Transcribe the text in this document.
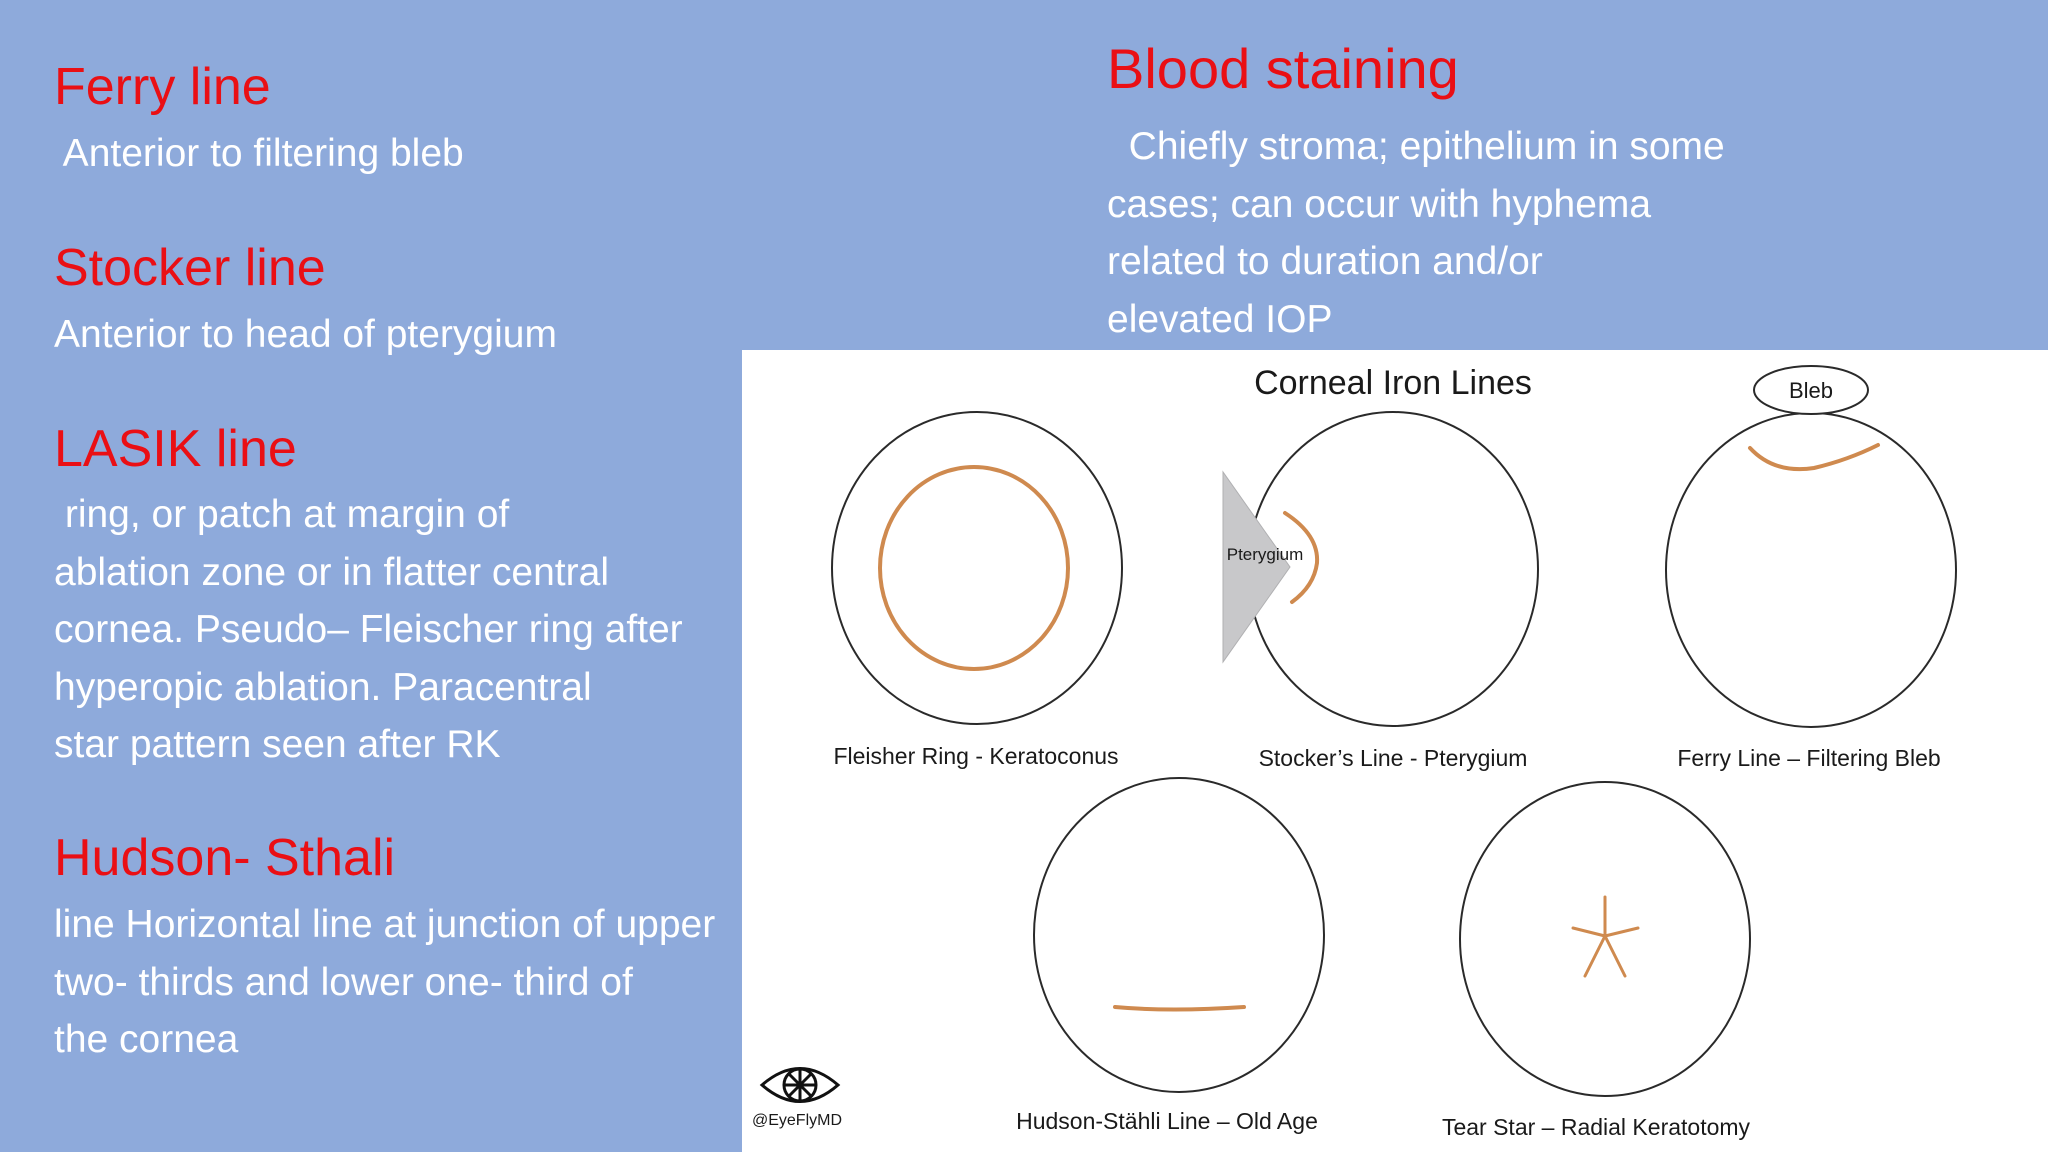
Ferry line
Anterior to filtering bleb
Stocker line
Anterior to head of pterygium
LASIK line
ring, or patch at margin of
ablation zone or in flatter central
cornea. Pseudo– Fleischer ring after
hyperopic ablation. Paracentral
star pattern seen after RK
Hudson- Sthali
line Horizontal line at junction of upper
two- thirds and lower one- third of
the cornea
Blood staining
Chiefly stroma; epithelium in some
cases; can occur with hyphema
related to duration and/or
elevated IOP
Corneal Iron Lines
Fleisher Ring - Keratoconus
Pterygium
Stocker’s Line - Pterygium
Bleb
Ferry Line – Filtering Bleb
Hudson-Stähli Line – Old Age	Tear Star – Radial Keratotomy
@EyeFlyMD
